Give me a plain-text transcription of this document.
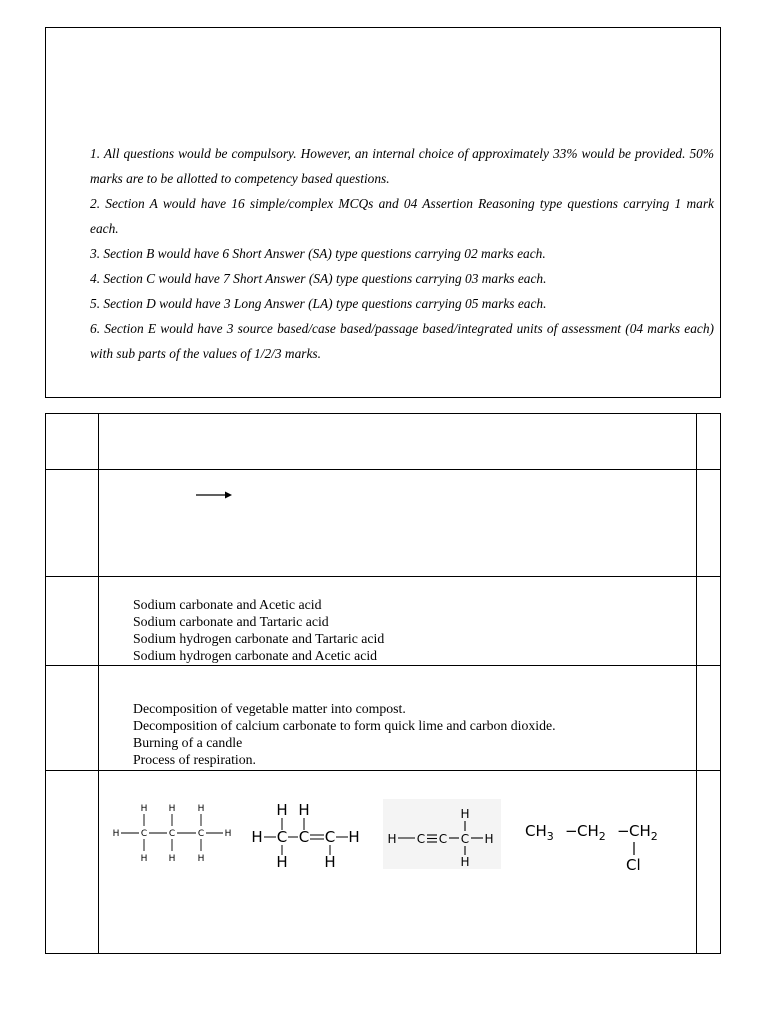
1. All questions would be compulsory. However, an internal choice of approximately 33% would be provided. 50% marks are to be allotted to competency based questions.

2. Section A would have 16 simple/complex MCQs and 04 Assertion Reasoning type questions carrying 1 mark each.

3. Section B would have 6 Short Answer (SA) type questions carrying 02 marks each.

4. Section C would have 7 Short Answer (SA) type questions carrying 03 marks each.

5. Section D would have 3 Long Answer (LA) type questions carrying 05 marks each.

6. Section E would have 3 source based/case based/passage based/integrated units of assessment (04 marks each) with sub parts of the values of 1/2/3 marks.

Sodium carbonate and Acetic acid
Sodium carbonate and Tartaric acid
Sodium hydrogen carbonate and Tartaric acid
Sodium hydrogen carbonate and Acetic acid
Decomposition of vegetable matter into compost.
Decomposition of calcium carbonate to form quick lime and carbon dioxide.
Burning of a candle
Process of respiration.
H H H
H C C	C H
H H H
H H
H C C C H
H H
H
H C C C H
H
$CH_3 - CH_2 - CH_2$
Cl
